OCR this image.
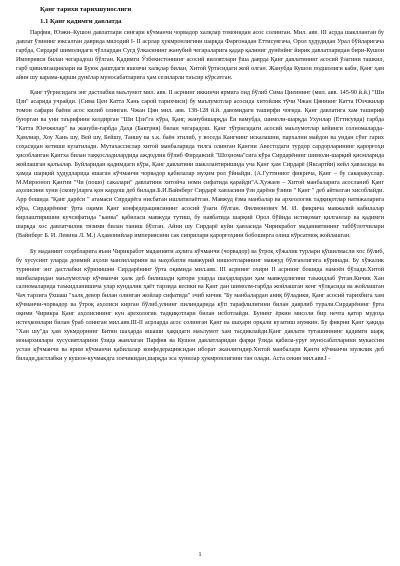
Қанг тарихи тарихшунослиги
1.1 Қанг қадимги давлатда

Парфия, Юэжи–Кушон давлатлари сингари кўчманчи чорвадор халқлар томонидан асос солинган. Мил. авв. III асрда шаклланган бу давлат ўзининг юксалган даврида милодий I- II асрлар ҳукмронлигини шарқда Фарғонадан Еттисувгача, Орол ҳудудидан Урал бўйларигача гарбда, Сирдарё шимолидаги чўллардан Сугд ўлкасининг жанубий чегараларига қадар қалиниг дунёнйнг йирик давлатларидан бири-Кушон Империяси билан чегарадош бўлган. Қадимги Ўзбекистоннинг асосий вилоятлари ўша даврда Қанг давлатининг асосий ўзагини ташкил, гарб цивилизациялари ва Буюк даштдаги яшовчи халқлар билан, Хитой ўртасидаги жой олган. Жанубда Кушон подшолиги каби, Қанг ҳам айни шу карама-қарши дунёлар муносабатларига ҳам сезиларли таъсир кўрсатган.

Қанг тўғрисидаги энг дастлабки маълумот мил. авв. II асрнинг иккинчи ярмига оид бўлиб Сима Циеннинг (мил. авв. 145-90 й.й.) "Ши Цзи" асарида учрайди. (Сима Цен Катта Хань сарой тарихчиси) бу маълумотлар асосида хитойлик тўчи Чжан Цяннинг Катта Юэчжилар томон сафари баёни асос килиб олинган. Чжан Цян мил. авв. 138-128 й.й. давомидаги таширфи чоғида. Қанг давлатига хам ташириф буюрган ва уни таърифини келдирган "Ши Цзи"га кўра, Қанг, жанубишарқда Ёи вамубда, шимоли-шарқда Ухунлар (Еттисувда) гарбда "Катта Юечжилар" ва жануби-гарбда Даҳя (Бактрия) билан чегарадош. Қанг тўғрисидаги асосий маълумотлар кейинги солномаларда-Ҳамлиар, Хоу Хань шу, Вей шу, Бейшу, Таншу ва х.к. баён этилиб, у воседа Кангнинг искалашни, пархални майдон ва ундан сўнг гарих соҳасидан кетиши кузатилади. Мутахассислар хитой манбаларида тилга олинган Қангни Авестодаги турдор сардорларининг қарорғоҳи ҳисобланган Қангха билан таққосладилардида аждодлик бўлиб Фирдавсий "Шоҳнома"сига кўра Сирдарёнинг шимоли-шарқий қисмларида жойлашган қалъалар. Буйларидан қадимдаги кўра, Қанг давлатини шакллантиришида уча Қанг ҳам Сирдарё (Яксартйи) кейл ҳавзасида ва ҳамда шарқий ҳудудларида яшаган кўчманчи чорвадор қабилалар муҳим рол ўйнайди. (А.Гуттиниог фикрича, Қанг – бу сакаракуслар. М.Мирзоноп Қангни "Чи (пошо) сакалари" давлатини хитойча номи сифатида қарайди"А.Ҳужаев – Хитой манбаларига асосланиб Қанг аҳолисини хуни (скоиу)ларга қон кардош деб билади.Б.И.Вайнберг Сирдарё хавзасини ўзи дарёни ўзини " Қанг " деб айтилган хисоблайди. Арр бошида "Қанг дарёси " атамаси Сирдарёга нисбатан ишлатилаётган. Мавжуд ёзма манбалар ва археологик тадқиқотлар натижаларига кўра, Сирдарёнинг ўрта оқими Қанг конфедерациясининг асосий ўзаги бўлган. Филмонович М. И. фикрича мавжалий кабилалар бирлаштиришни кучсифатида "канва" қабиласи мавжуда тутиш, бу навбатида шарқий Орол бўйида истиқомат қилганлар ва қадимги шарқда хос давлатчилик тизими билан таниш бўлган. Айни шу Сирдарё куйи ҳавзасида Чирикработ маданиятининг таббўлотчилари (Вайнберг Б. И. Левина Л. М.) Аҳамонийлар империясини сак сиприлари қарорғоҳини бобоширга олиш кўрсатмоқ жойлашган.

Бу маданият соҳибларига яъни Чирикработ маданияти аҳлига кўчманчи (чорвадор) ва ўтроқ хўжалик турлари қўшилмасли хос бўлиб, бу хусусият уларда доимий аҳоли манзилларини ва маҳобатли мавжурий иншоотларининг мавжуд бўлганлигига кўринади. Бу хўжалик турининг энг дастлабки кўринишни Сирдарёнинг ўрта оқимида мил.авв. III асрнинг охири II асрнинг бошида намоён бўлади.Хитой манбаларидан маълумотлар кўчманчи ҳалк деб билишади қатори уларда шаҳарлардан ҳам мавжудлигини таъкидлаб ўтган.Кичик Хан салномаларида таъкидланишича улар кундалик ҳаёт тарзида кесвки ва Қанг дан шимолм-гарбда жойлашган кенг чўлқасида ва жойлашган Чач тарзига ўхшаш "халқ девор билан олинган жойлар сифатида" эчиб кичик "Бу манбалардан аниқ бўладики, Қанг асосий тарихбига хам кўчманчи-чорвадор ва ўтроқ аҳолиси кирган бўлиб,улнинг пилиндарида кўп тарафлилигини билан даврлиб турали.Сирдарёнинг ўрта оқими Чирикра Қанг аҳолисининг кун арехологик тадқиқотлари билан исботлайди. Бунинг ёркин мисоли бир нечта қатор мудоҳа истеҳкомлари билан ўраб олинган мил.авв.III-II асрларда асос солинган Қанг ва шаҳари орқали кузатиш мумкин. Бу фикрни Қанг ҳақида "Хан шу"да ҳам хукмдорнинг Битян шаҳарда яшаши ҳақидаги маълумот хам тасдиклайди.Қанг давлати туташиннинг қадимги шарқ монархиялари хусусиятларини ўзида жамлаган Парфия ва Кушон давлатларидан фарқи ўзида қабила-уруғ муносабатларини мукасснм устан кўчманчи ва ярим кўчманчи қабилалар конфедерациясидан иборат эканлигидир.Хитой манбалари Қанги кўчманчи мулклик деб билади,дастлабки у кушон-кучмакдга зоечикидан,шарқда эса хуннлар ҳукмронлигини тан олади. Аста секин мил.авв.I -

1
